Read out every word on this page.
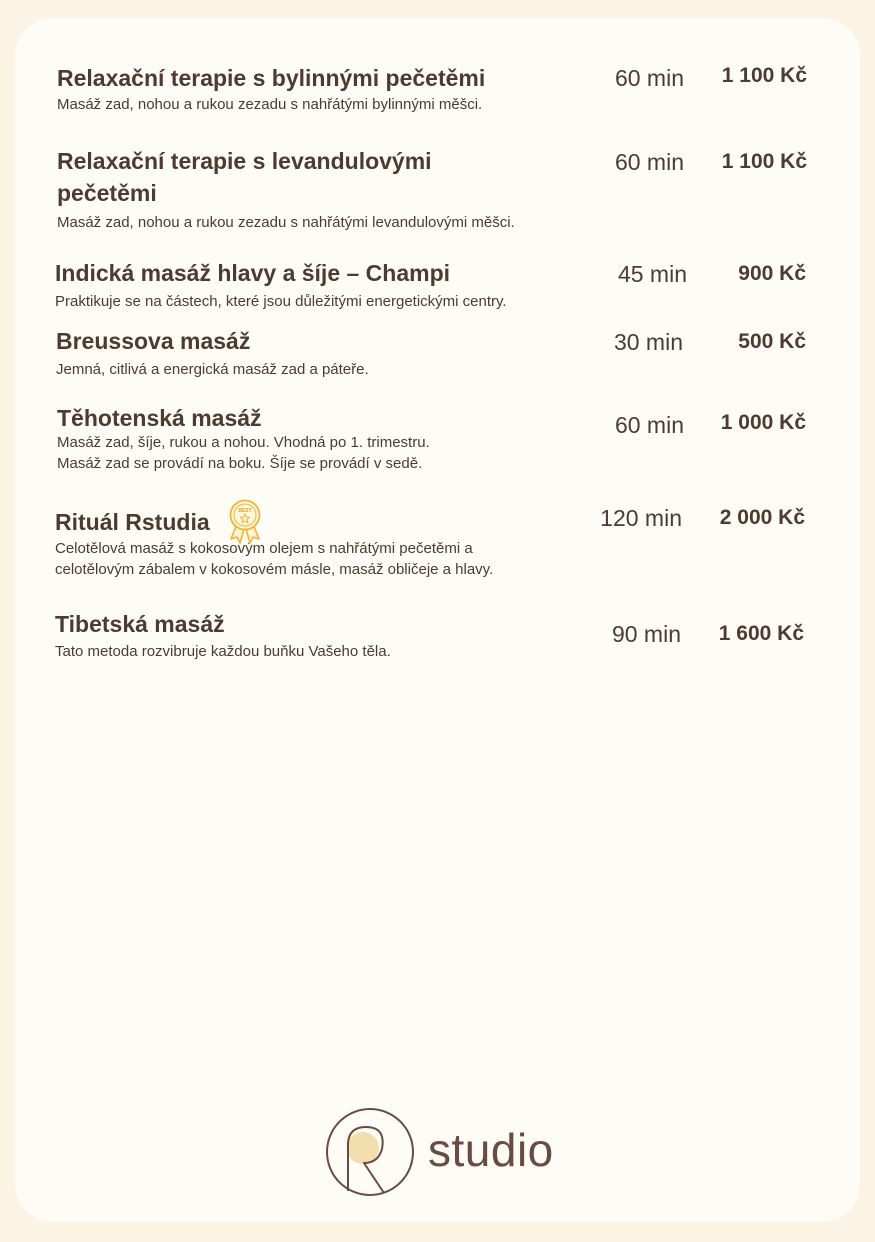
Relaxační terapie s bylinnými pečetěmi
Masáž zad, nohou a rukou zezadu s nahřátými bylinnými měšci.
60 min 1 100 Kč
Relaxační terapie s levandulovými pečetěmi
Masáž zad, nohou a rukou zezadu s nahřátými levandulovými měšci.
60 min 1 100 Kč
Indická masáž hlavy a šíje – Champi
Praktikuje se na částech, které jsou důležitými energetickými centry.
45 min 900 Kč
Breussova masáž
Jemná, citlivá a energická masáž zad a páteře.
30 min	500 Kč
Těhotenská masáž
Masáž zad, šíje, rukou a nohou. Vhodná po 1. trimestru.
Masáž zad se provádí na boku. Šíje se provádí v sedě.
60 min 1 000 Kč
Rituál Rstudia
Celotělová masáž s kokosovým olejem s nahřátými pečetěmi a
celotělovým zábalem v kokosovém másle, masáž obličeje a hlavy.
120 min 2 000 Kč
BEST
Tibetská masáž
Tato metoda rozvibruje každou buňku Vašeho těla.
90 min 1 600 Kč
studio
